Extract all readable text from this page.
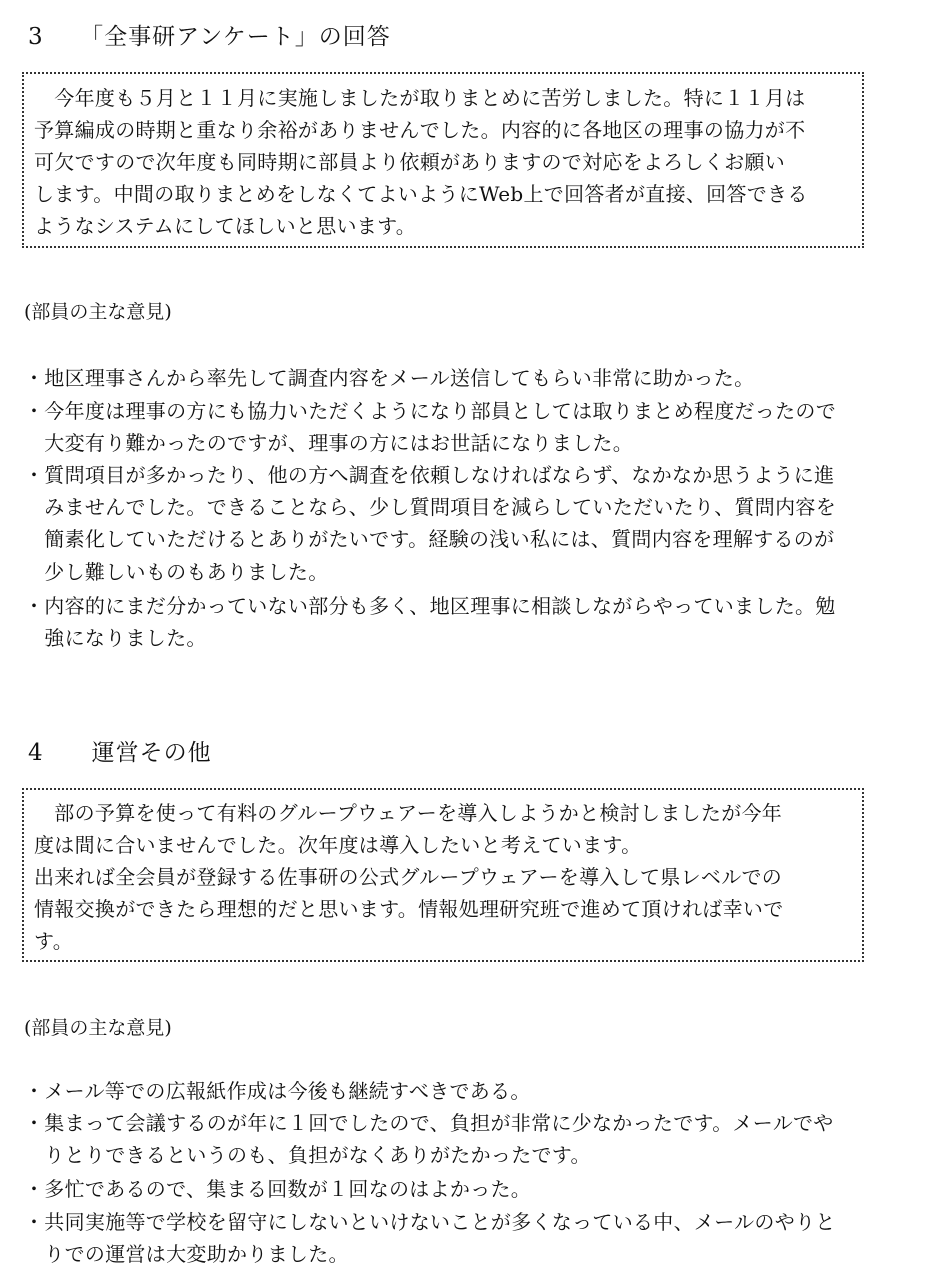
3　　「全事研アンケート」の回答
　今年度も５月と１１月に実施しましたが取りまとめに苦労しました。特に１１月は
予算編成の時期と重なり余裕がありませんでした。内容的に各地区の理事の協力が不
可欠ですので次年度も同時期に部員より依頼がありますので対応をよろしくお願い
します。中間の取りまとめをしなくてよいようにWeb上で回答者が直接、回答できる
ようなシステムにしてほしいと思います。
(部員の主な意見)
・地区理事さんから率先して調査内容をメール送信してもらい非常に助かった。
・今年度は理事の方にも協力いただくようになり部員としては取りまとめ程度だったので
　大変有り難かったのですが、理事の方にはお世話になりました。
・質問項目が多かったり、他の方へ調査を依頼しなければならず、なかなか思うように進
　みませんでした。できることなら、少し質問項目を減らしていただいたり、質問内容を
　簡素化していただけるとありがたいです。経験の浅い私には、質問内容を理解するのが
　少し難しいものもありました。
・内容的にまだ分かっていない部分も多く、地区理事に相談しながらやっていました。勉
　強になりました。
4　　運営その他
　部の予算を使って有料のグループウェアーを導入しようかと検討しましたが今年
度は間に合いませんでした。次年度は導入したいと考えています。
出来れば全会員が登録する佐事研の公式グループウェアーを導入して県レベルでの
情報交換ができたら理想的だと思います。情報処理研究班で進めて頂ければ幸いで
す。
(部員の主な意見)
・メール等での広報紙作成は今後も継続すべきである。
・集まって会議するのが年に１回でしたので、負担が非常に少なかったです。メールでや
　りとりできるというのも、負担がなくありがたかったです。
・多忙であるので、集まる回数が１回なのはよかった。
・共同実施等で学校を留守にしないといけないことが多くなっている中、メールのやりと
　りでの運営は大変助かりました。
